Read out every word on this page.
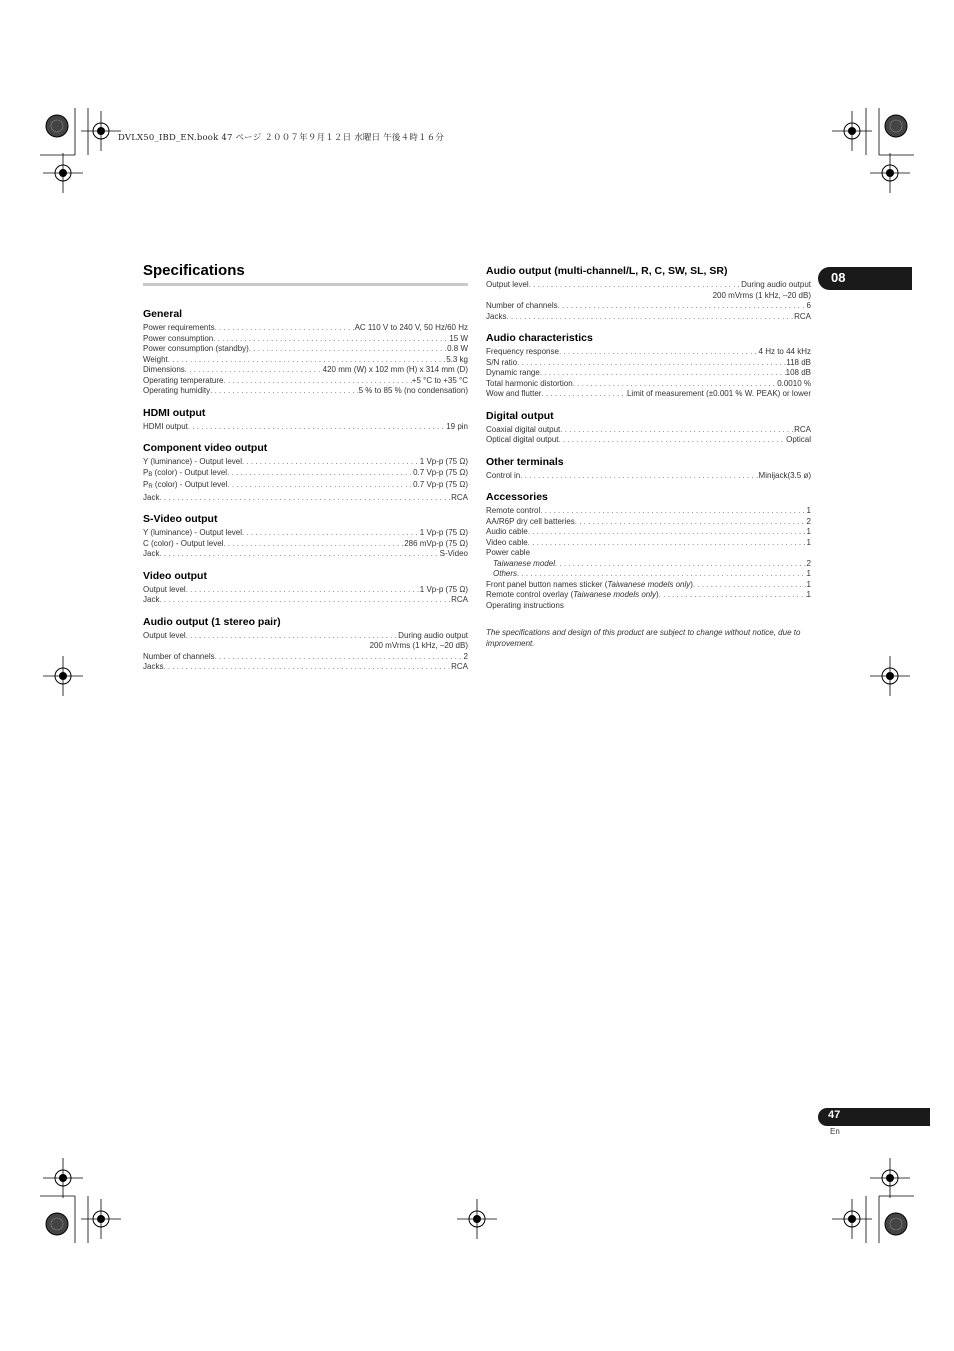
DVLX50_IBD_EN.book 47 ページ ２００７年９月１２日 水曜日 午後４時１６分
Specifications	08
General
Power requirements . . .	AC 110 V to 240 V, 50 Hz/60 Hz
Power consumption . . .	15 W
Power consumption (standby) . . .	0.8 W
Weight . . .	5.3 kg
Dimensions . . .	420 mm (W) x 102 mm (H) x 314 mm (D)
Operating temperature . . .	+5 °C to +35 °C
Operating humidity . . .	5 % to 85 % (no condensation)
HDMI output
HDMI output . . .	19 pin
Component video output
Y (luminance) - Output level . . .	1 Vp-p (75 Ω)
$P_B$ (color) - Output level . . .	0.7 Vp-p (75 Ω)
$P_R$ (color) - Output level . . .	0.7 Vp-p (75 Ω)
Jack . . .	RCA
S-Video output
Y (luminance) - Output level . . .	1 Vp-p (75 Ω)
C (color) - Output level . . .	286 mVp-p (75 Ω)
Jack . . .	S-Video
Video output
Output level . . .	1 Vp-p (75 Ω)
Jack . . .	RCA
Audio output (1 stereo pair)
Output level . . .	During audio output
200 mVrms (1 kHz, –20 dB)
Number of channels . . .	2
Jacks . . .	RCA
Audio output (multi-channel/L, R, C, SW, SL, SR)
Output level . . .	During audio output
200 mVrms (1 kHz, –20 dB)
Number of channels . . .	6
Jacks . . .	RCA
Audio characteristics
Frequency response . . .	4 Hz to 44 kHz
S/N ratio . . .	118 dB
Dynamic range . . .	108 dB
Total harmonic distortion . . .	0.0010 %
Wow and flutter . . .	Limit of measurement (±0.001 % W. PEAK) or lower
Digital output
Coaxial digital output . . .	RCA
Optical digital output . . .	Optical
Other terminals
Control in . . .	Minijack(3.5 ø)
Accessories
Remote control . . .	1
AA/R6P dry cell batteries . . .	2
Audio cable . . .	1
Video cable . . .	1
Power cable
Taiwanese model . . .	2
Others . . .	1
Front panel button names sticker (Taiwanese models only) . . .	1
Remote control overlay (Taiwanese models only) . . .	1
Operating instructions
The specifications and design of this product are subject to change without notice, due to improvement.
47
En
